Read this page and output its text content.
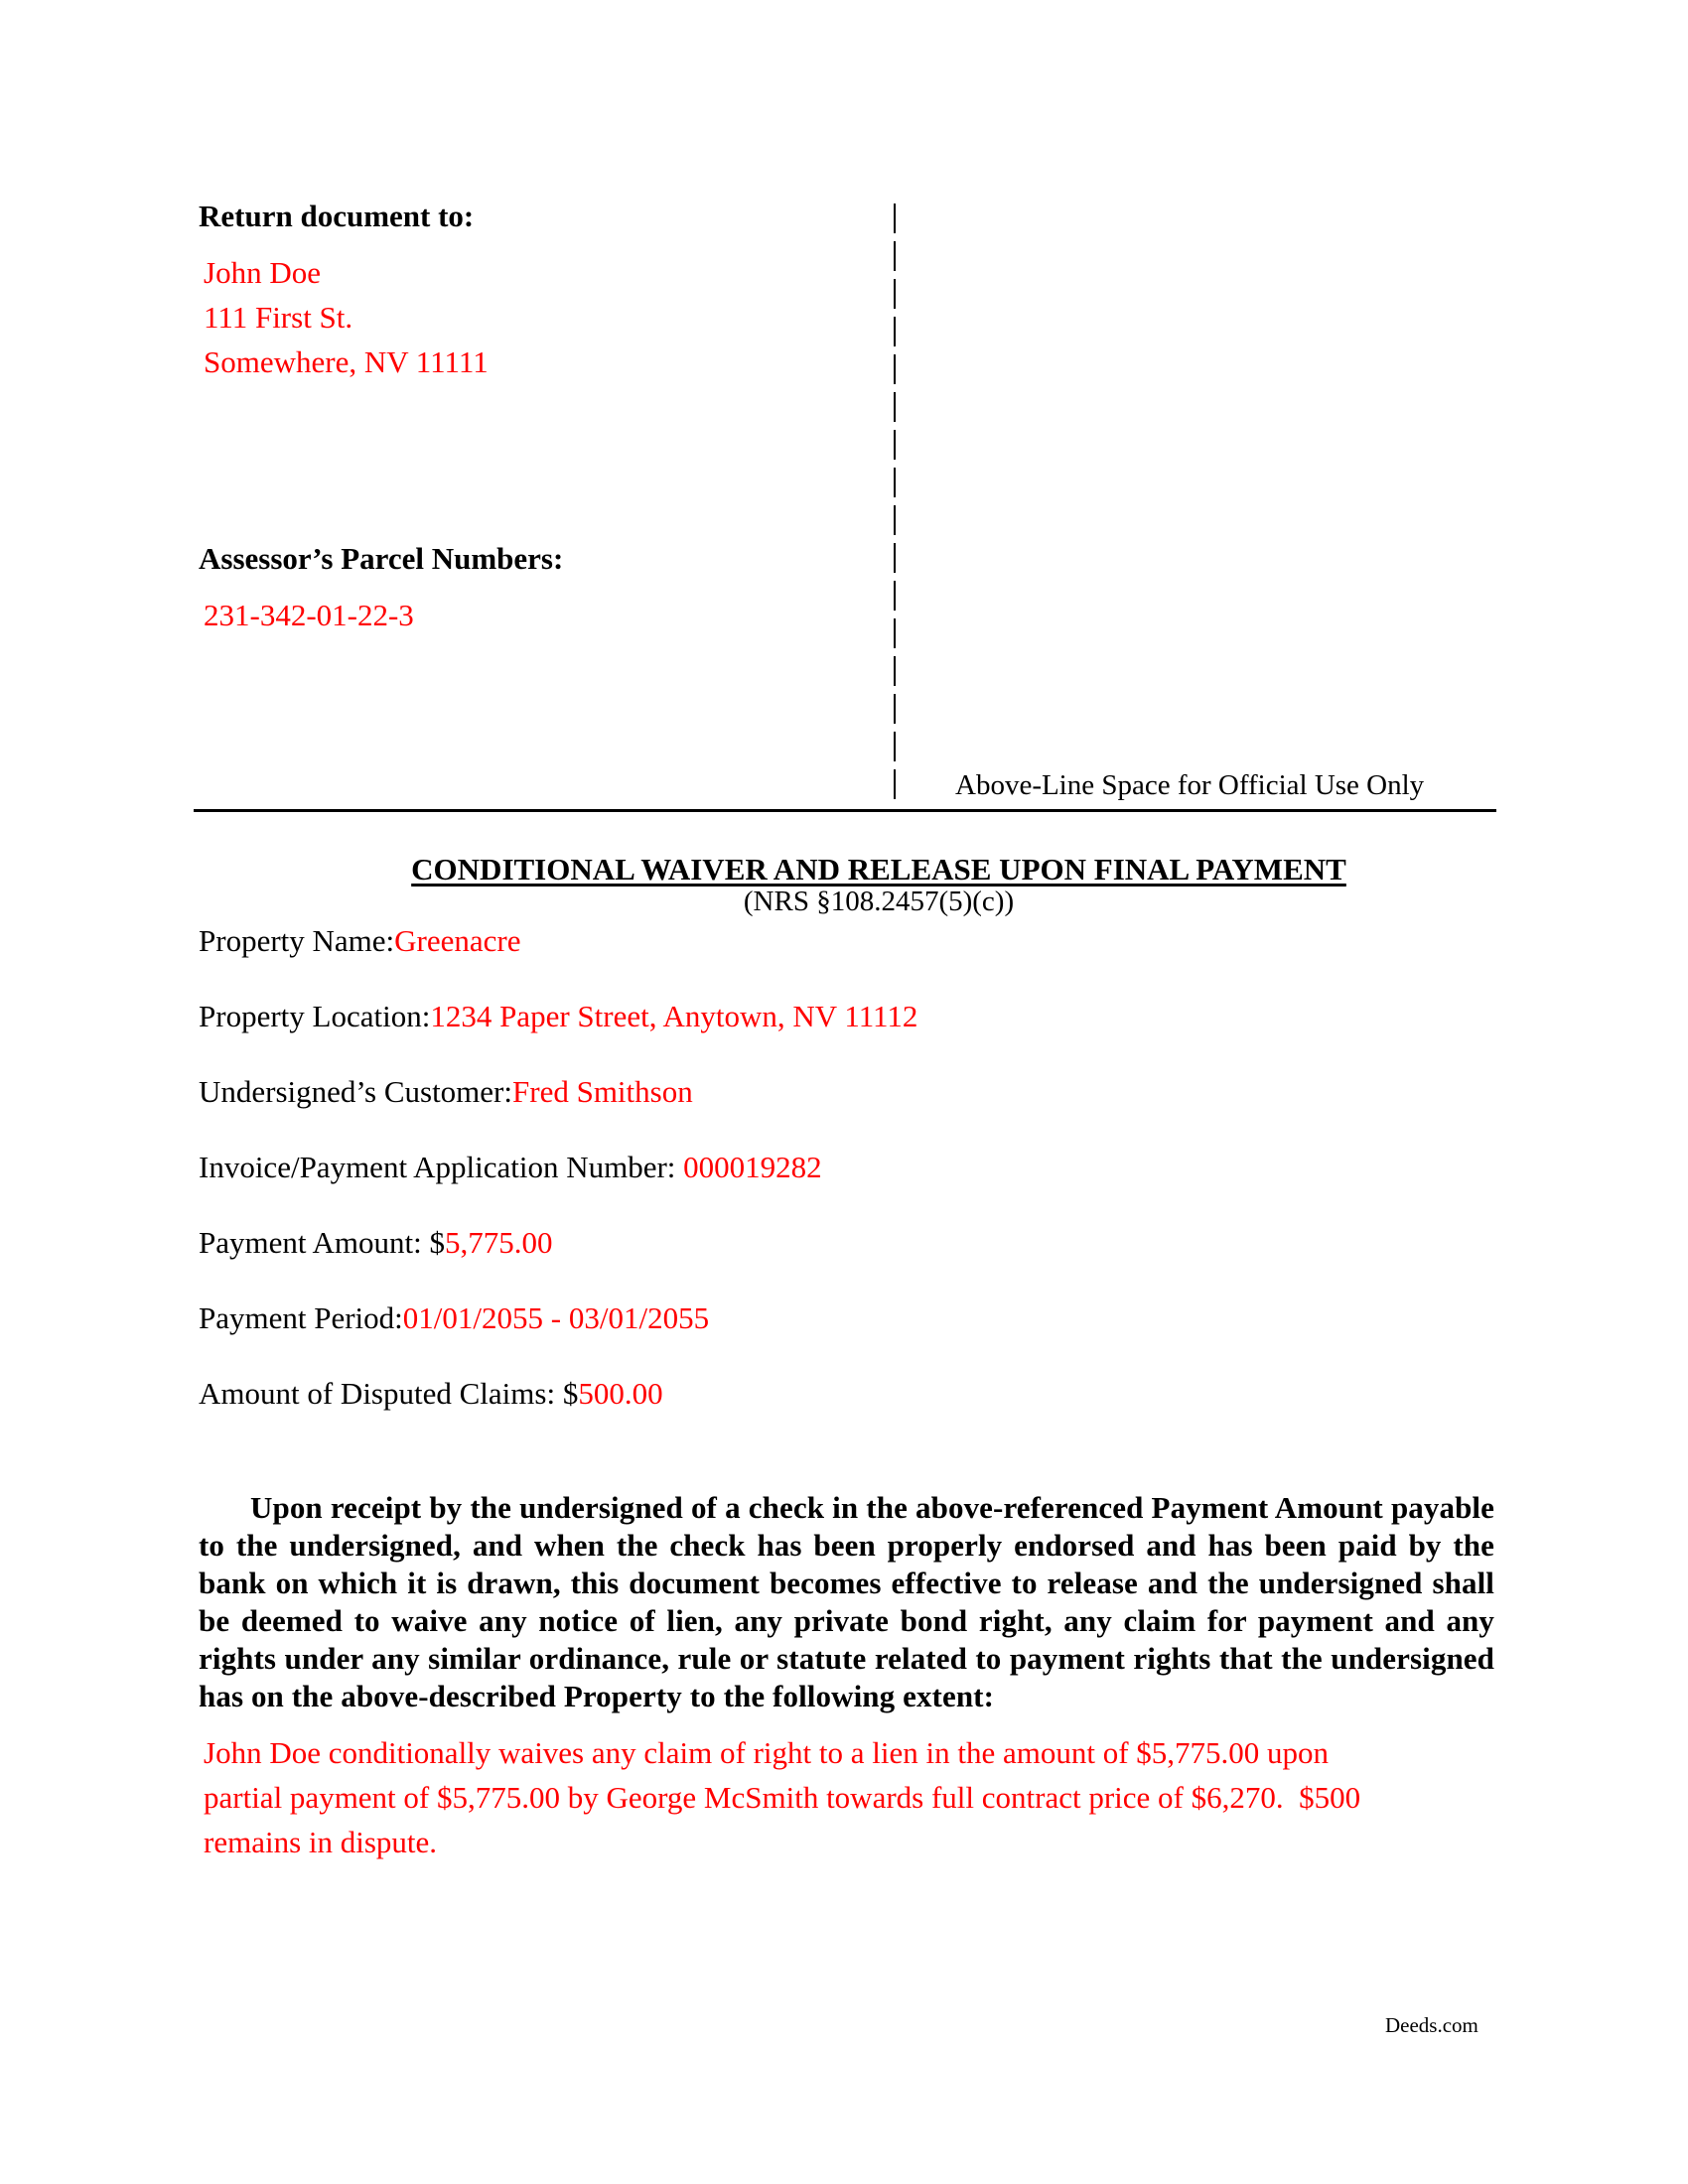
Return document to:
John Doe
111 First St.
Somewhere, NV 11111
Assessor’s Parcel Numbers:
231-342-01-22-3
Above-Line Space for Official Use Only
CONDITIONAL WAIVER AND RELEASE UPON FINAL PAYMENT
(NRS §108.2457(5)(c))
Property Name:Greenacre
Property Location:1234 Paper Street, Anytown, NV 11112
Undersigned’s Customer:Fred Smithson
Invoice/Payment Application Number: 000019282
Payment Amount: $5,775.00
Payment Period:01/01/2055 - 03/01/2055
Amount of Disputed Claims: $500.00
Upon receipt by the undersigned of a check in the above-referenced Payment Amount payable to the undersigned, and when the check has been properly endorsed and has been paid by the bank on which it is drawn, this document becomes effective to release and the undersigned shall be deemed to waive any notice of lien, any private bond right, any claim for payment and any rights under any similar ordinance, rule or statute related to payment rights that the undersigned has on the above-described Property to the following extent:
John Doe conditionally waives any claim of right to a lien in the amount of $5,775.00 upon
partial payment of $5,775.00 by George McSmith towards full contract price of $6,270.  $500
remains in dispute.
Deeds.com
